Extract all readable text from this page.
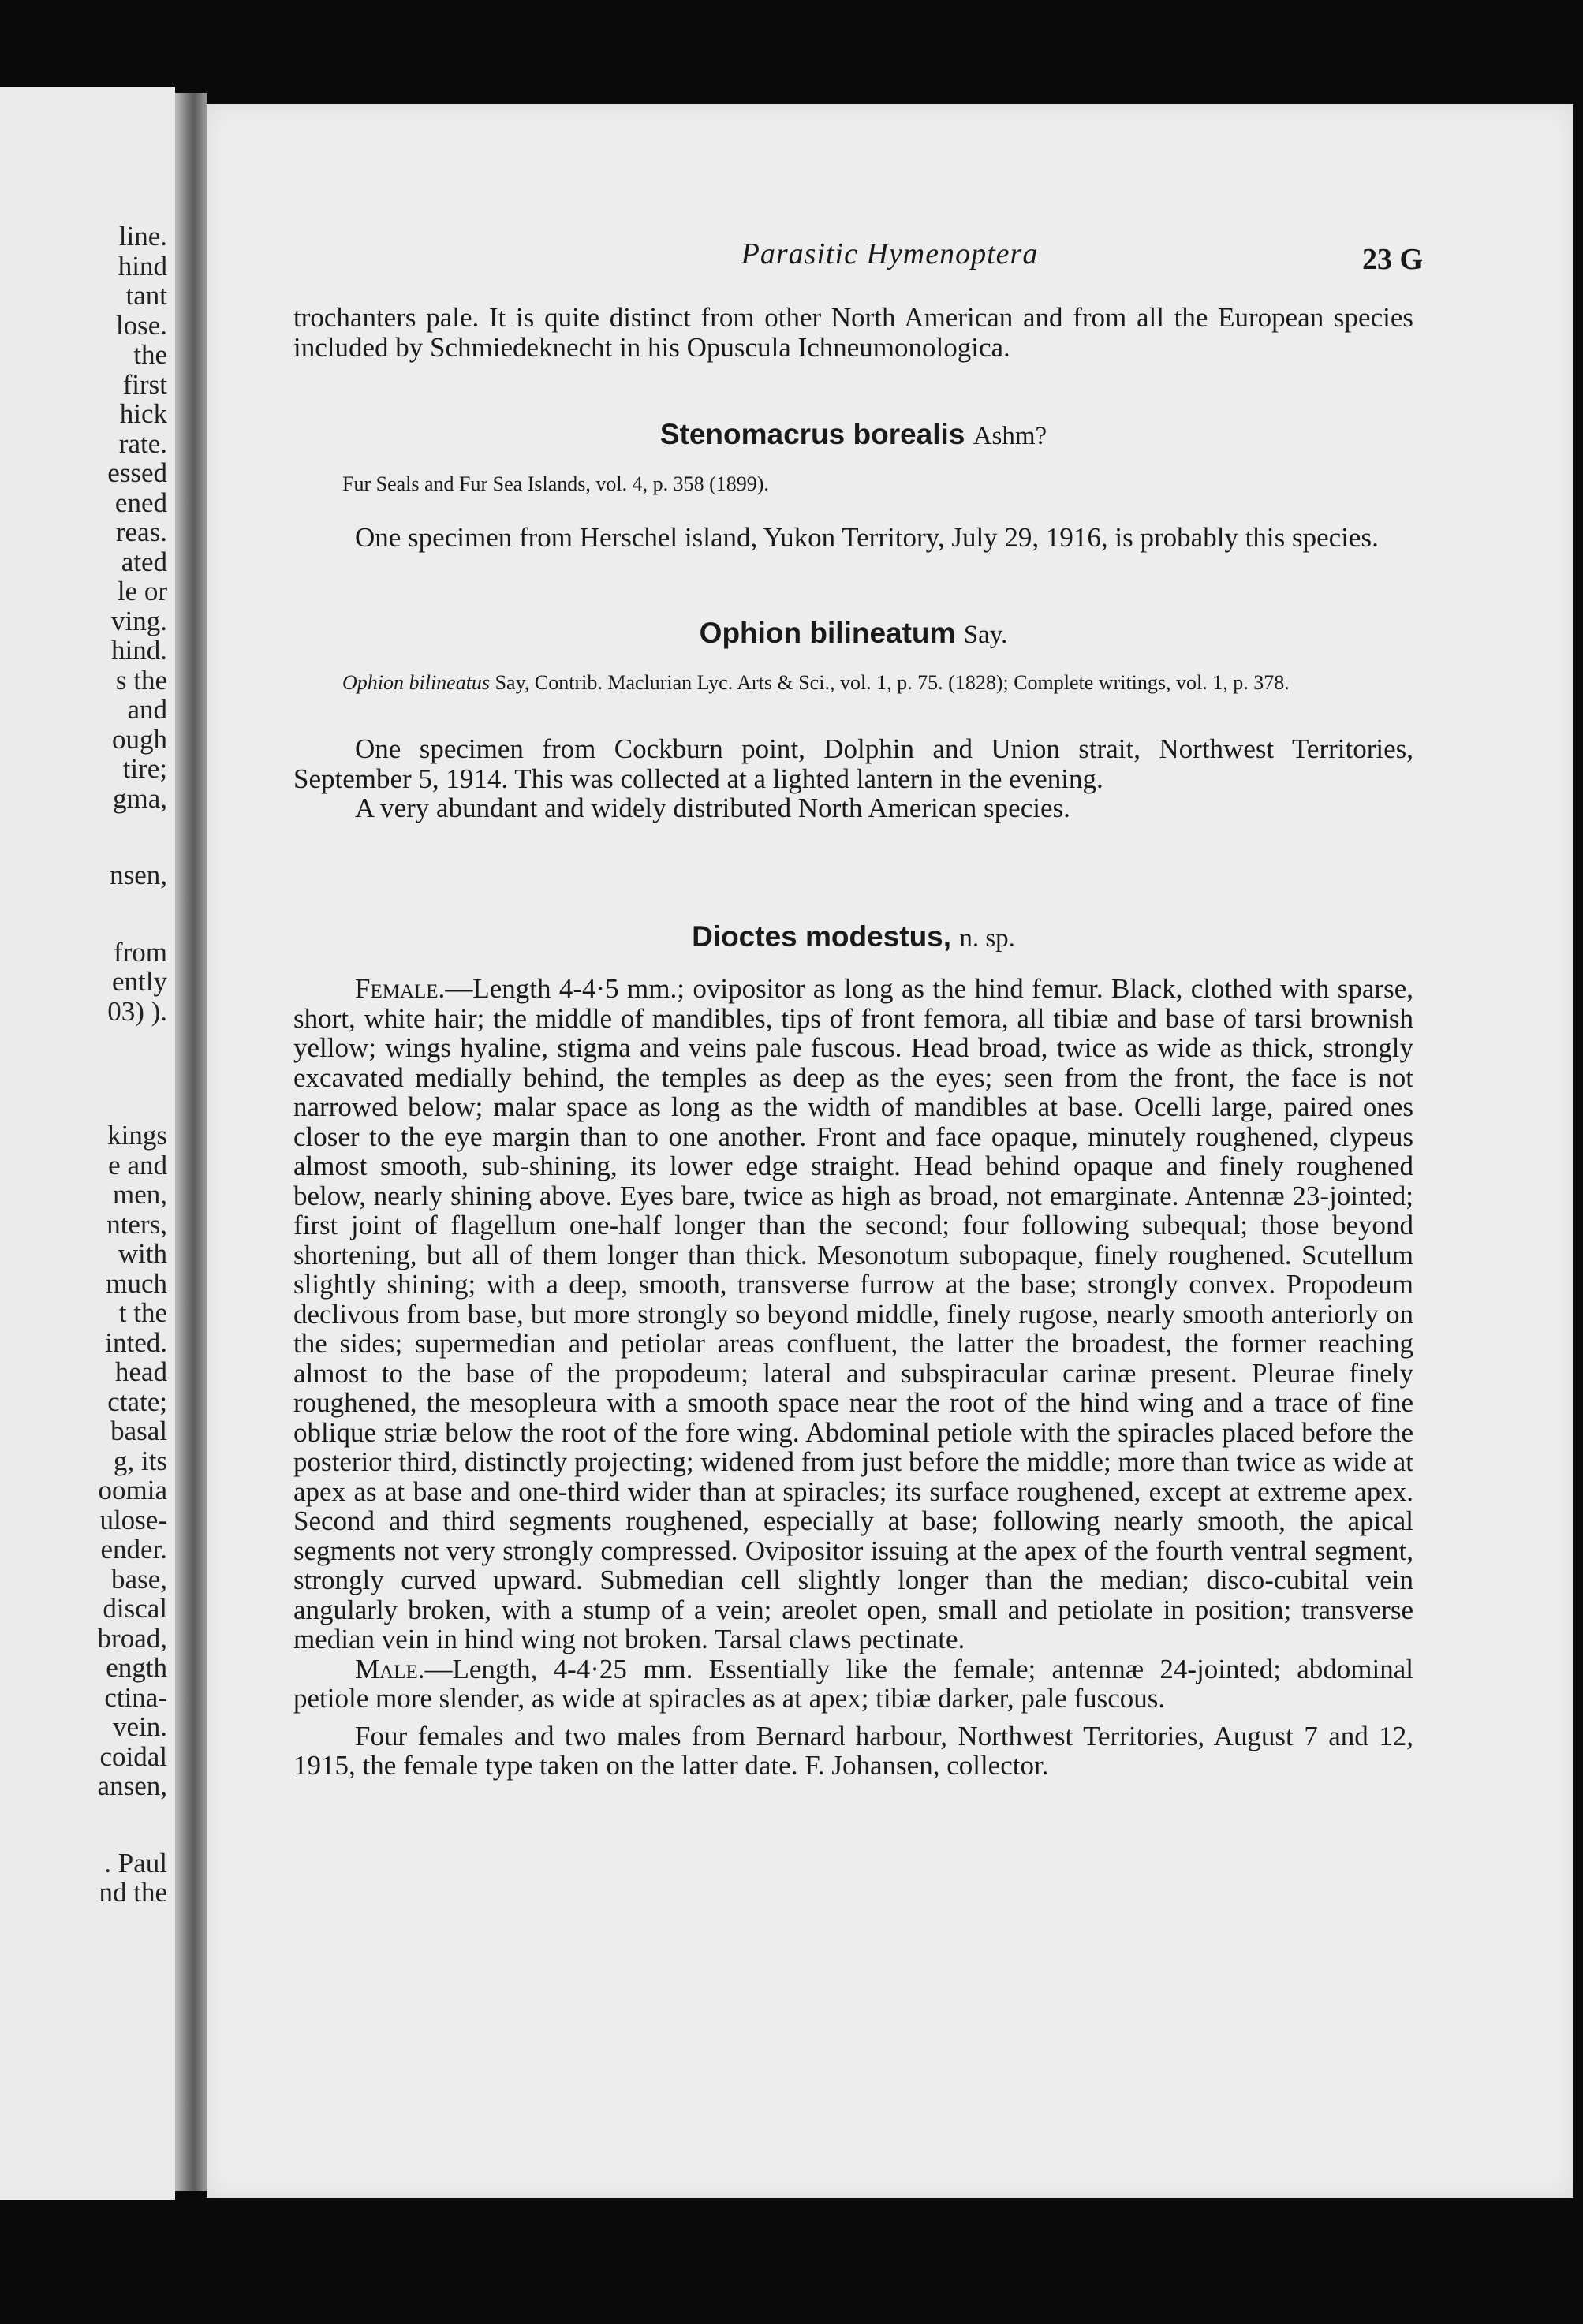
line.
hind
tant
lose.
the
first
hick
rate.
essed
ened
reas.
ated
le or
ving.
hind.
s the
and
ough
tire;
gma,
nsen,
from
ently
03) ).
kings
e and
men,
nters,
with
much
t the
inted.
head
ctate;
basal
g, its
oomia
ulose-
ender.
base,
discal
broad,
ength
ctina-
vein.
coidal
ansen,
. Paul
nd the
Parasitic Hymenoptera	23 G

trochanters pale. It is quite distinct from other North American and from all the European species included by Schmiedeknecht in his Opuscula Ichneumonologica.

Stenomacrus borealis Ashm?

Fur Seals and Fur Sea Islands, vol. 4, p. 358 (1899).

One specimen from Herschel island, Yukon Territory, July 29, 1916, is probably this species.

Ophion bilineatum Say.

Ophion bilineatus Say, Contrib. Maclurian Lyc. Arts & Sci., vol. 1, p. 75. (1828); Complete writings, vol. 1, p. 378.

One specimen from Cockburn point, Dolphin and Union strait, Northwest Territories, September 5, 1914. This was collected at a lighted lantern in the evening.

A very abundant and widely distributed North American species.

Dioctes modestus, n. sp.

Female.—Length 4-4·5 mm.; ovipositor as long as the hind femur. Black, clothed with sparse, short, white hair; the middle of mandibles, tips of front femora, all tibiæ and base of tarsi brownish yellow; wings hyaline, stigma and veins pale fuscous. Head broad, twice as wide as thick, strongly excavated medially behind, the temples as deep as the eyes; seen from the front, the face is not narrowed below; malar space as long as the width of mandibles at base. Ocelli large, paired ones closer to the eye margin than to one another. Front and face opaque, minutely roughened, clypeus almost smooth, sub-shining, its lower edge straight. Head behind opaque and finely roughened below, nearly shining above. Eyes bare, twice as high as broad, not emarginate. Antennæ 23-jointed; first joint of flagellum one-half longer than the second; four following subequal; those beyond shortening, but all of them longer than thick. Mesonotum subopaque, finely roughened. Scutellum slightly shining; with a deep, smooth, transverse furrow at the base; strongly convex. Propodeum declivous from base, but more strongly so beyond middle, finely rugose, nearly smooth anteriorly on the sides; supermedian and petiolar areas confluent, the latter the broadest, the former reaching almost to the base of the propodeum; lateral and subspiracular carinæ present. Pleurae finely roughened, the mesopleura with a smooth space near the root of the hind wing and a trace of fine oblique striæ below the root of the fore wing. Abdominal petiole with the spiracles placed before the posterior third, distinctly projecting; widened from just before the middle; more than twice as wide at apex as at base and one-third wider than at spiracles; its surface roughened, except at extreme apex. Second and third segments roughened, especially at base; following nearly smooth, the apical segments not very strongly compressed. Ovipositor issuing at the apex of the fourth ventral segment, strongly curved upward. Submedian cell slightly longer than the median; disco-cubital vein angularly broken, with a stump of a vein; areolet open, small and petiolate in position; transverse median vein in hind wing not broken. Tarsal claws pectinate.

Male.—Length, 4-4·25 mm. Essentially like the female; antennæ 24-jointed; abdominal petiole more slender, as wide at spiracles as at apex; tibiæ darker, pale fuscous.

Four females and two males from Bernard harbour, Northwest Territories, August 7 and 12, 1915, the female type taken on the latter date. F. Johansen, collector.
